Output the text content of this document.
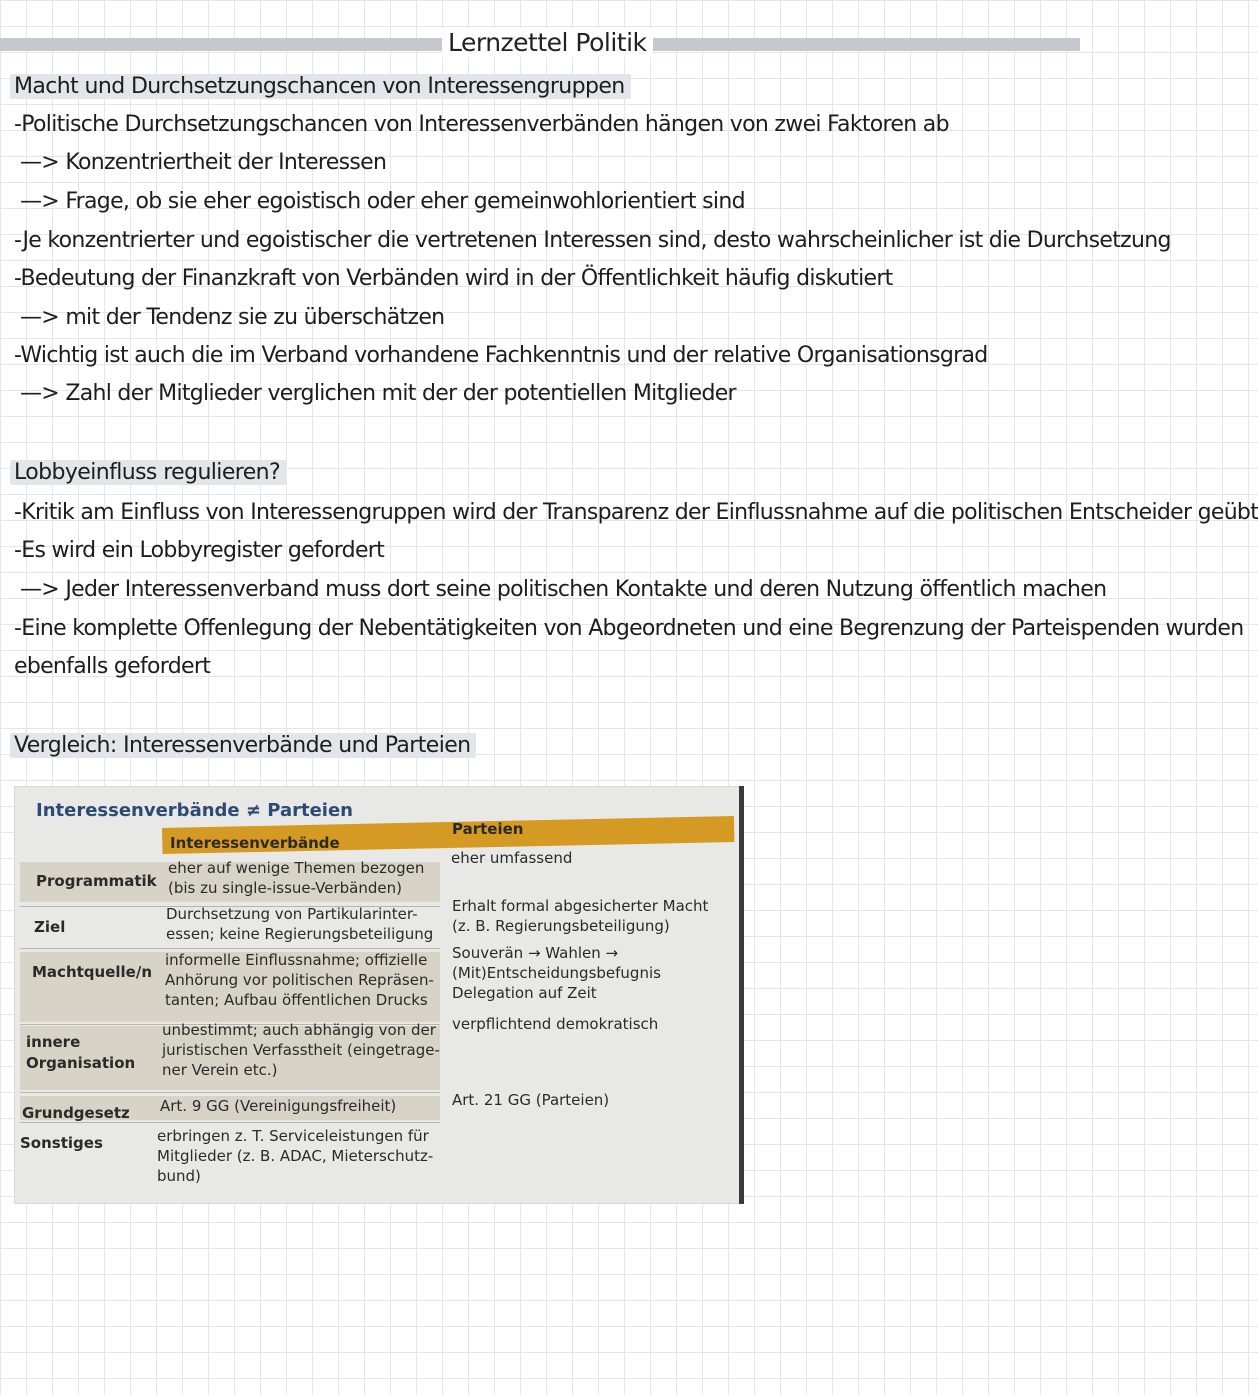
Lernzettel Politik
Macht und Durchsetzungschancen von Interessengruppen
-Politische Durchsetzungschancen von Interessenverbänden hängen von zwei Faktoren ab
—> Konzentriertheit der Interessen
—> Frage, ob sie eher egoistisch oder eher gemeinwohlorientiert sind
-Je konzentrierter und egoistischer die vertretenen Interessen sind, desto wahrscheinlicher ist die Durchsetzung
-Bedeutung der Finanzkraft von Verbänden wird in der Öffentlichkeit häufig diskutiert
—> mit der Tendenz sie zu überschätzen
-Wichtig ist auch die im Verband vorhandene Fachkenntnis und der relative Organisationsgrad
—> Zahl der Mitglieder verglichen mit der der potentiellen Mitglieder
Lobbyeinfluss regulieren?
-Kritik am Einfluss von Interessengruppen wird der Transparenz der Einflussnahme auf die politischen Entscheider geübt
-Es wird ein Lobbyregister gefordert
—> Jeder Interessenverband muss dort seine politischen Kontakte und deren Nutzung öffentlich machen
-Eine komplette Offenlegung der Nebentätigkeiten von Abgeordneten und eine Begrenzung der Parteispenden wurden
ebenfalls gefordert
Vergleich: Interessenverbände und Parteien
Interessenverbände ≠ Parteien
Interessenverbände
Parteien
Programmatik
eher auf wenige Themen bezogen
(bis zu single-issue-Verbänden)
eher umfassend
Ziel
Durchsetzung von Partikularinter-
essen; keine Regierungsbeteiligung
Erhalt formal abgesicherter Macht
(z. B. Regierungsbeteiligung)
Machtquelle/n
informelle Einflussnahme; offizielle
Anhörung vor politischen Repräsen-
tanten; Aufbau öffentlichen Drucks
Souverän → Wahlen →
(Mit)Entscheidungsbefugnis
Delegation auf Zeit
innere
Organisation
unbestimmt; auch abhängig von der
juristischen Verfasstheit (eingetrage-
ner Verein etc.)
verpflichtend demokratisch
Grundgesetz Art. 9 GG (Vereinigungsfreiheit)	Art. 21 GG (Parteien)
Sonstiges	erbringen z. T. Serviceleistungen für
Mitglieder (z. B. ADAC, Mieterschutz-
bund)
